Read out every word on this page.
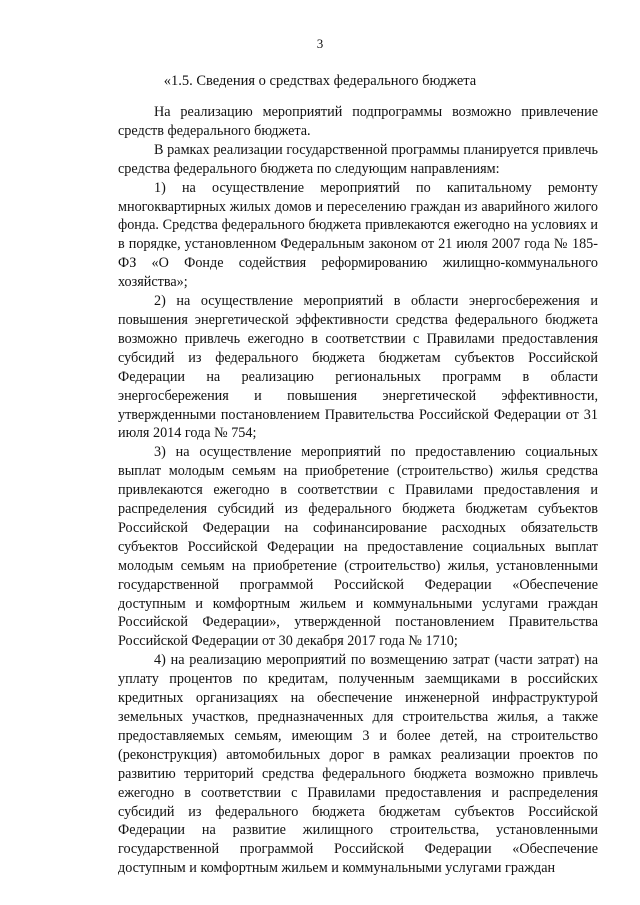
3
«1.5. Сведения о средствах федерального бюджета

На реализацию мероприятий подпрограммы возможно привлечение средств федерального бюджета.

В рамках реализации государственной программы планируется привлечь средства федерального бюджета по следующим направлениям:

1) на осуществление мероприятий по капитальному ремонту многоквартирных жилых домов и переселению граждан из аварийного жилого фонда. Средства федерального бюджета привлекаются ежегодно на условиях и в порядке, установленном Федеральным законом от 21 июля 2007 года № 185-ФЗ «О Фонде содействия реформированию жилищно-коммунального хозяйства»;

2) на осуществление мероприятий в области энергосбережения и повышения энергетической эффективности средства федерального бюджета возможно привлечь ежегодно в соответствии с Правилами предоставления субсидий из федерального бюджета бюджетам субъектов Российской Федерации на реализацию региональных программ в области энергосбережения и повышения энергетической эффективности, утвержденными постановлением Правительства Российской Федерации от 31 июля 2014 года № 754;

3) на осуществление мероприятий по предоставлению социальных выплат молодым семьям на приобретение (строительство) жилья средства привлекаются ежегодно в соответствии с Правилами предоставления и распределения субсидий из федерального бюджета бюджетам субъектов Российской Федерации на софинансирование расходных обязательств субъектов Российской Федерации на предоставление социальных выплат молодым семьям на приобретение (строительство) жилья, установленными государственной программой Российской Федерации «Обеспечение доступным и комфортным жильем и коммунальными услугами граждан Российской Федерации», утвержденной постановлением Правительства Российской Федерации от 30 декабря 2017 года № 1710;

4) на реализацию мероприятий по возмещению затрат (части затрат) на уплату процентов по кредитам, полученным заемщиками в российских кредитных организациях на обеспечение инженерной инфраструктурой земельных участков, предназначенных для строительства жилья, а также предоставляемых семьям, имеющим 3 и более детей, на строительство (реконструкция) автомобильных дорог в рамках реализации проектов по развитию территорий средства федерального бюджета возможно привлечь ежегодно в соответствии с Правилами предоставления и распределения субсидий из федерального бюджета бюджетам субъектов Российской Федерации на развитие жилищного строительства, установленными государственной программой Российской Федерации «Обеспечение доступным и комфортным жильем и коммунальными услугами граждан
